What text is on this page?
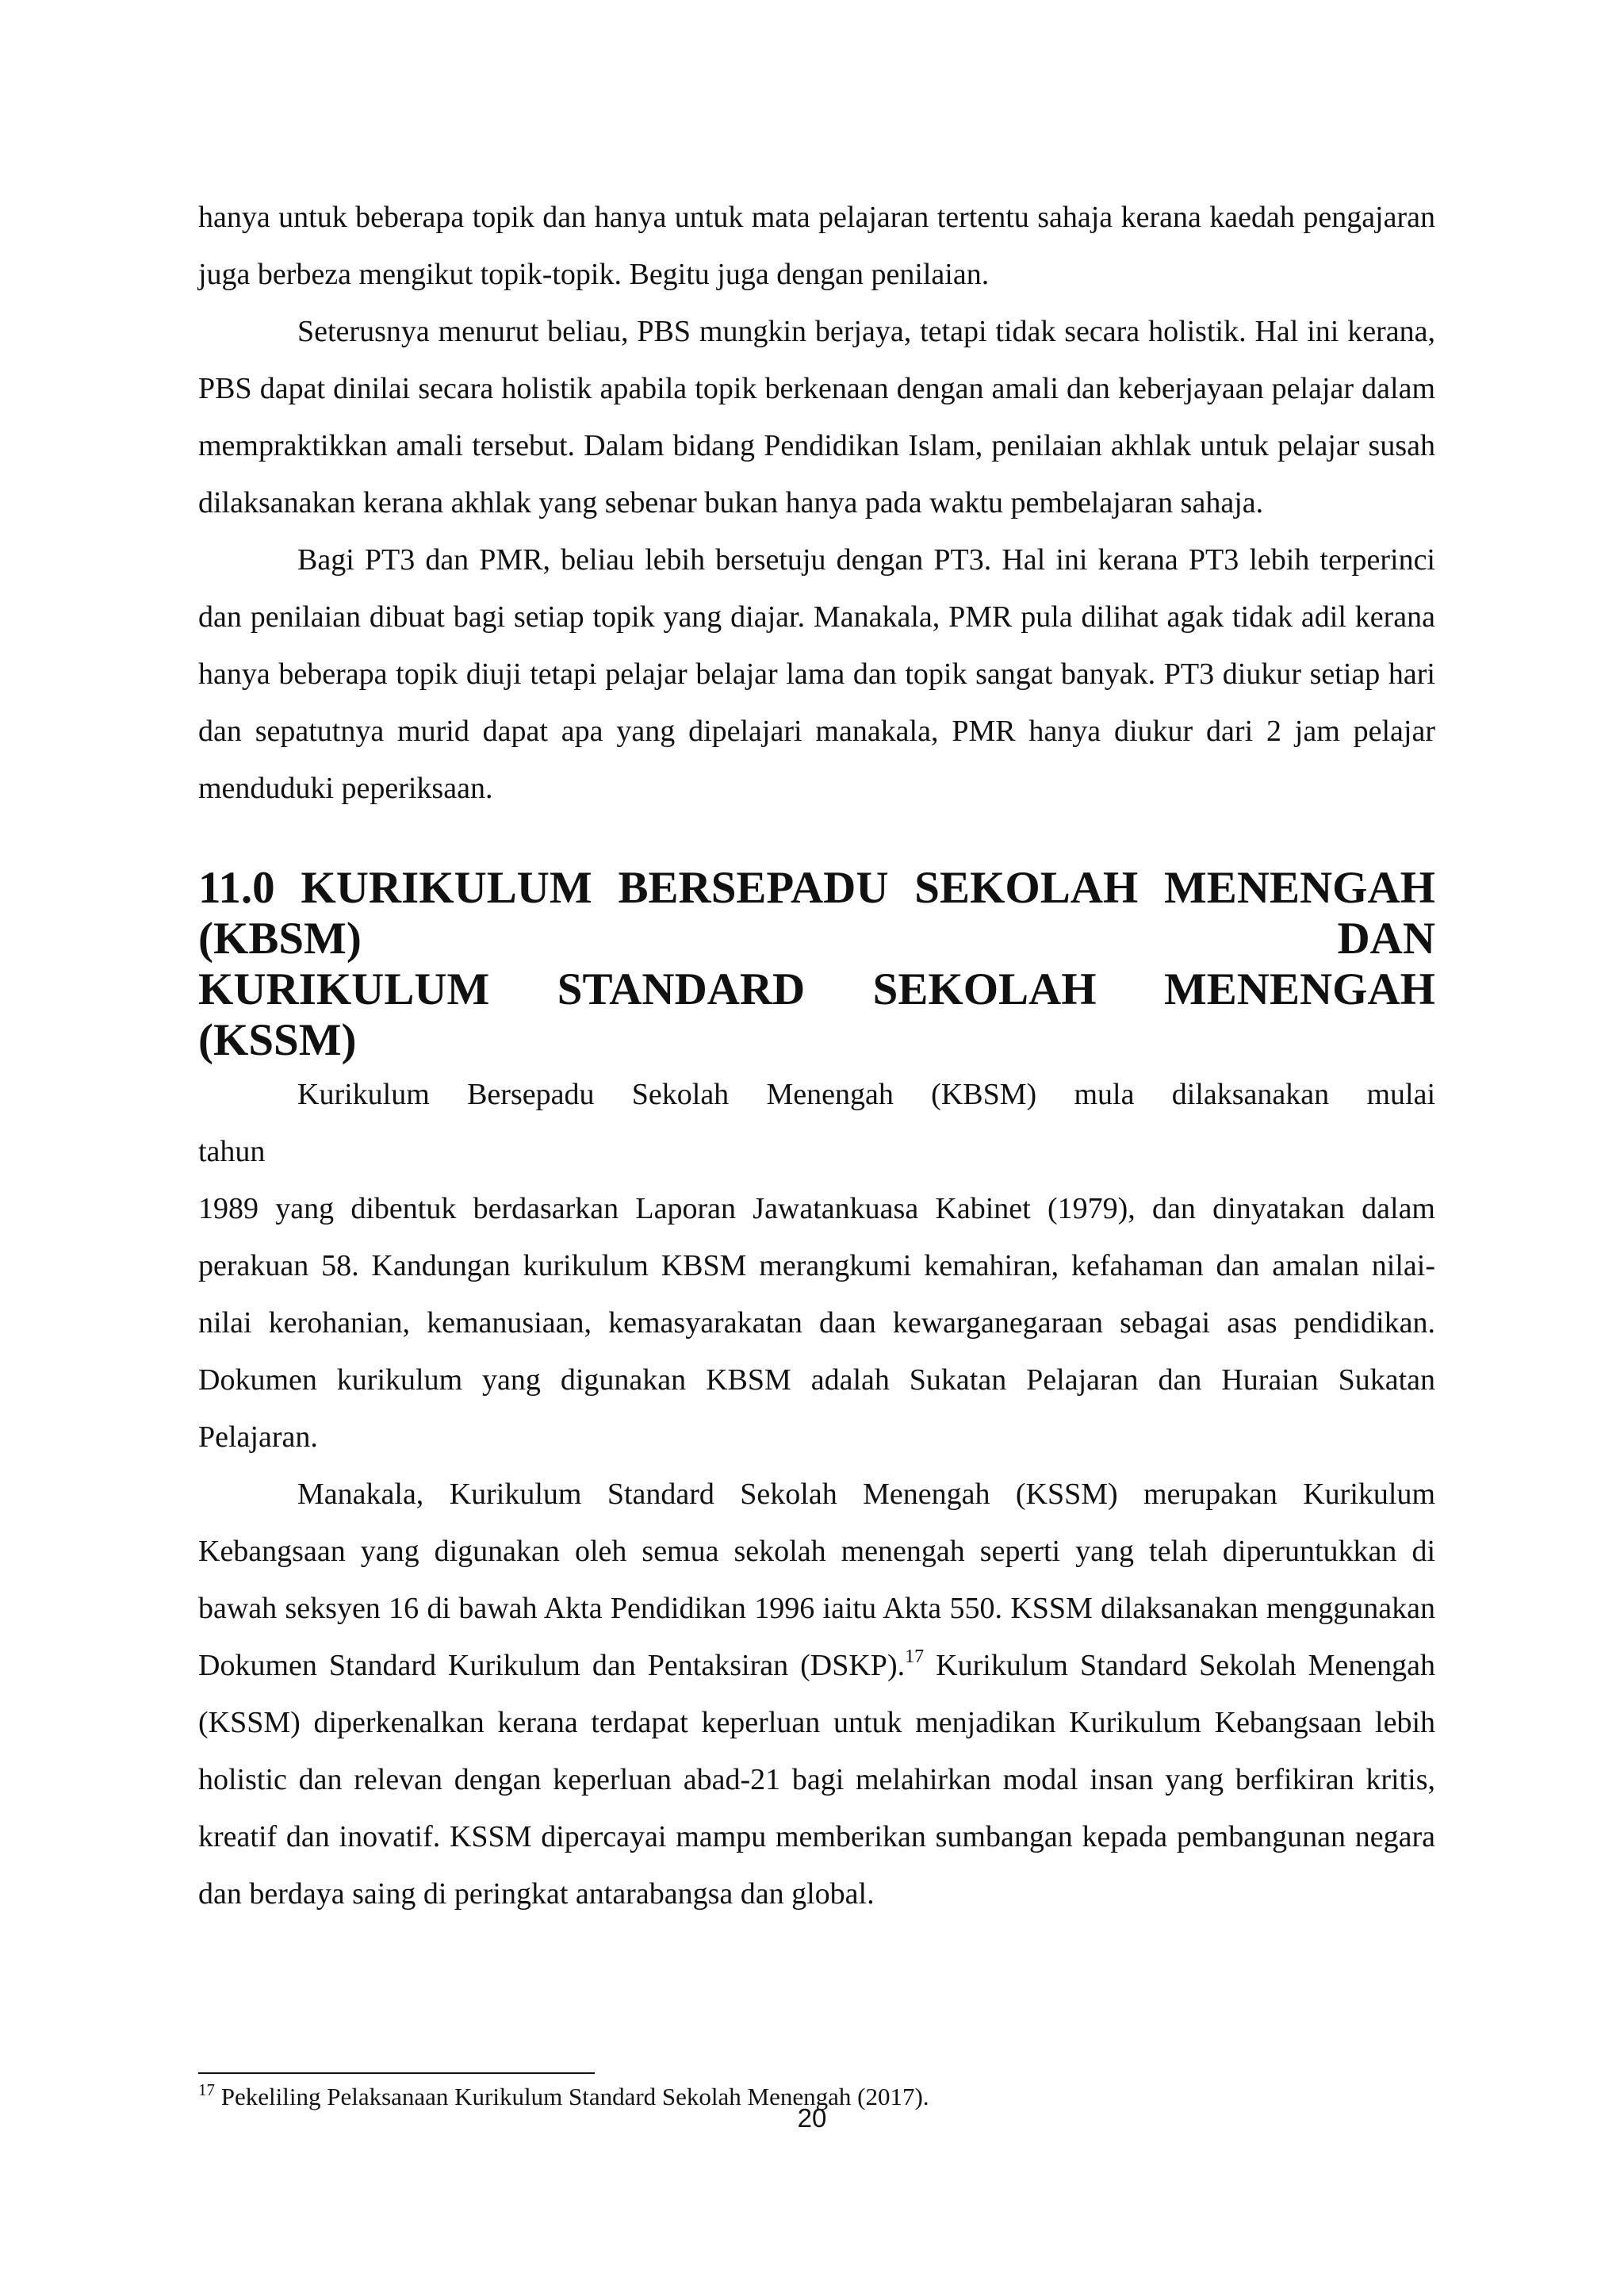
hanya untuk beberapa topik dan hanya untuk mata pelajaran tertentu sahaja kerana kaedah pengajaran juga berbeza mengikut topik-topik. Begitu juga dengan penilaian.

Seterusnya menurut beliau, PBS mungkin berjaya, tetapi tidak secara holistik. Hal ini kerana, PBS dapat dinilai secara holistik apabila topik berkenaan dengan amali dan keberjayaan pelajar dalam mempraktikkan amali tersebut. Dalam bidang Pendidikan Islam, penilaian akhlak untuk pelajar susah dilaksanakan kerana akhlak yang sebenar bukan hanya pada waktu pembelajaran sahaja.

Bagi PT3 dan PMR, beliau lebih bersetuju dengan PT3. Hal ini kerana PT3 lebih terperinci dan penilaian dibuat bagi setiap topik yang diajar. Manakala, PMR pula dilihat agak tidak adil kerana hanya beberapa topik diuji tetapi pelajar belajar lama dan topik sangat banyak. PT3 diukur setiap hari dan sepatutnya murid dapat apa yang dipelajari manakala, PMR hanya diukur dari 2 jam pelajar menduduki peperiksaan.

11.0 KURIKULUM BERSEPADU SEKOLAH MENENGAH (KBSM) DAN
KURIKULUM STANDARD SEKOLAH MENENGAH (KSSM)

Kurikulum Bersepadu Sekolah Menengah (KBSM) mula dilaksanakan mulai

tahun

1989 yang dibentuk berdasarkan Laporan Jawatankuasa Kabinet (1979), dan dinyatakan dalam perakuan 58. Kandungan kurikulum KBSM merangkumi kemahiran, kefahaman dan amalan nilai-nilai kerohanian, kemanusiaan, kemasyarakatan daan kewarganegaraan sebagai asas pendidikan. Dokumen kurikulum yang digunakan KBSM adalah Sukatan Pelajaran dan Huraian Sukatan Pelajaran.

Manakala, Kurikulum Standard Sekolah Menengah (KSSM) merupakan Kurikulum Kebangsaan yang digunakan oleh semua sekolah menengah seperti yang telah diperuntukkan di bawah seksyen 16 di bawah Akta Pendidikan 1996 iaitu Akta 550. KSSM dilaksanakan menggunakan Dokumen Standard Kurikulum dan Pentaksiran (DSKP).$^{17}$ Kurikulum Standard Sekolah Menengah (KSSM) diperkenalkan kerana terdapat keperluan untuk menjadikan Kurikulum Kebangsaan lebih holistic dan relevan dengan keperluan abad-21 bagi melahirkan modal insan yang berfikiran kritis, kreatif dan inovatif. KSSM dipercayai mampu memberikan sumbangan kepada pembangunan negara dan berdaya saing di peringkat antarabangsa dan global.

$^{17}$ Pekeliling Pelaksanaan Kurikulum Standard Sekolah Menengah (2017).
20
